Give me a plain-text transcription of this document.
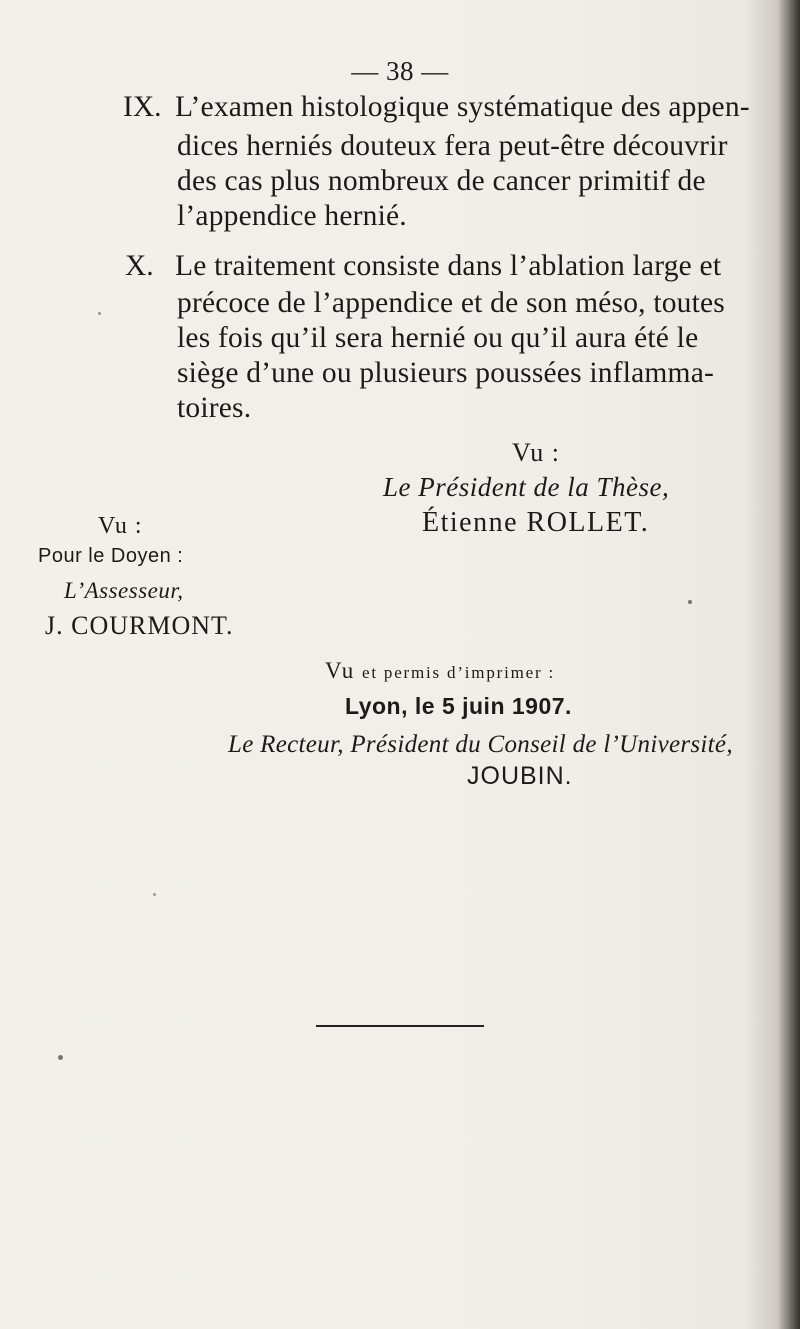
— 38 —
IX. L’examen histologique systématique des appen-
dices herniés douteux fera peut-être découvrir
des cas plus nombreux de cancer primitif de
l’appendice hernié.
X. Le traitement consiste dans l’ablation large et
précoce de l’appendice et de son méso, toutes
les fois qu’il sera hernié ou qu’il aura été le
siège d’une ou plusieurs poussées inflamma-
toires.
Vu :
Le Président de la Thèse,
Étienne ROLLET.
Vu :
Pour le Doyen :
L’Assesseur,
J. COURMONT.
Vu et permis d’imprimer :
Lyon, le 5 juin 1907.
Le Recteur, Président du Conseil de l’Université,
JOUBIN.
